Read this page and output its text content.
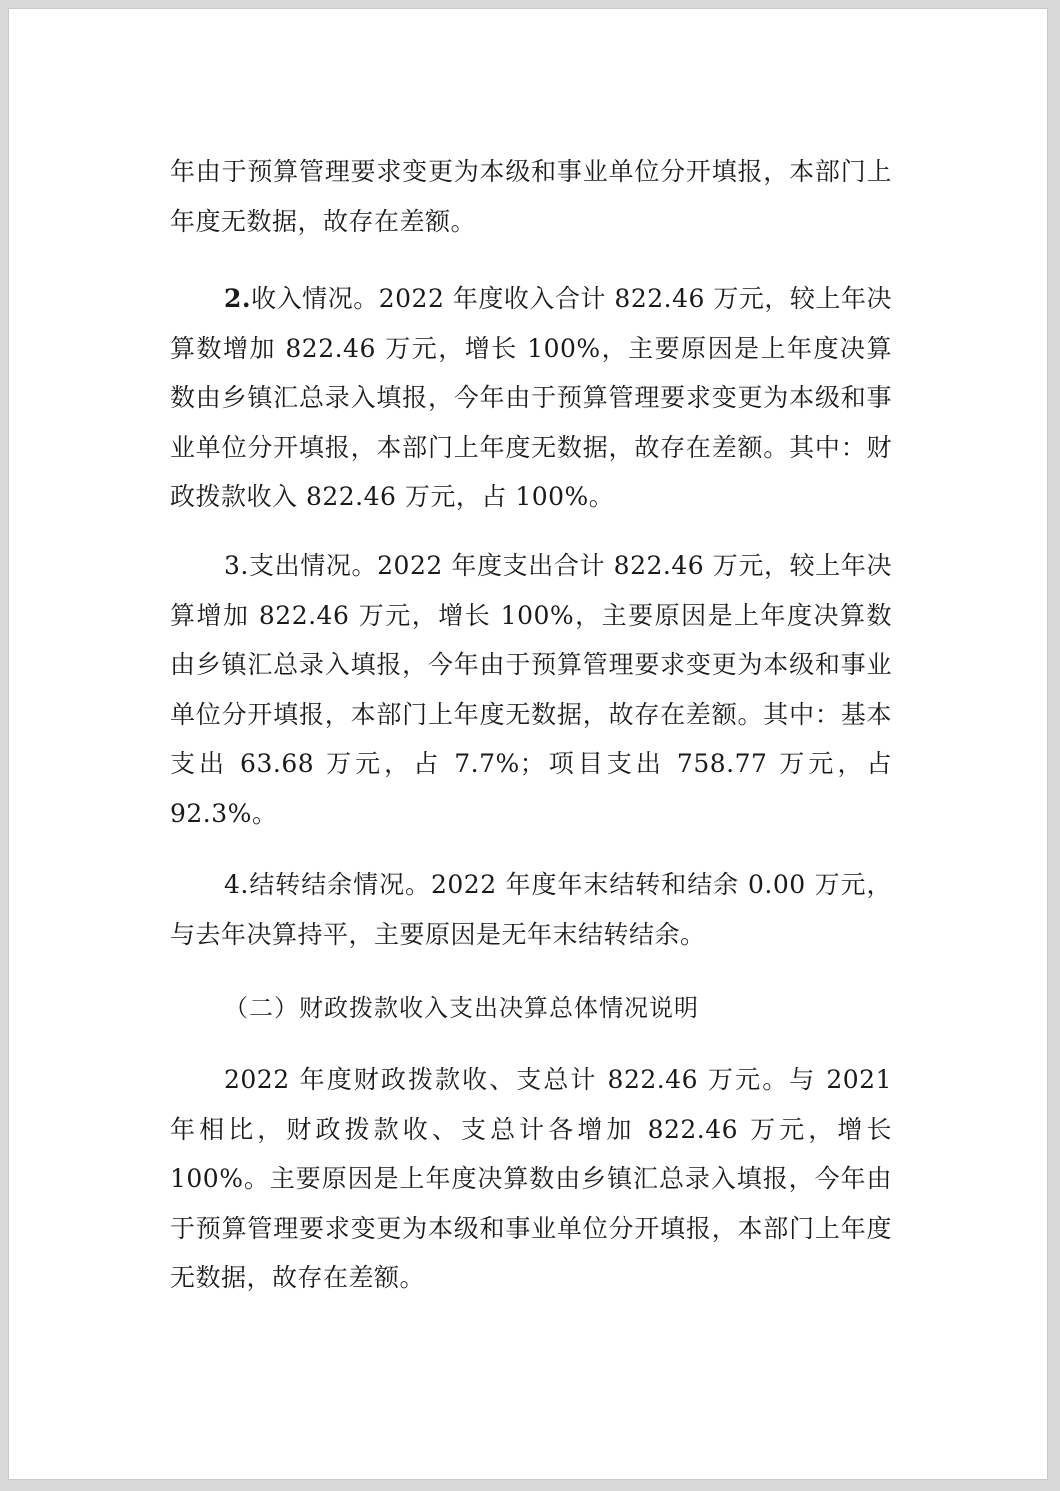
年由于预算管理要求变更为本级和事业单位分开填报，本部门上年度无数据，故存在差额。

2.收入情况。2022 年度收入合计 822.46 万元，较上年决算数增加 822.46 万元，增长 100%，主要原因是上年度决算数由乡镇汇总录入填报，今年由于预算管理要求变更为本级和事业单位分开填报，本部门上年度无数据，故存在差额。其中：财政拨款收入 822.46 万元，占 100%。

3.支出情况。2022 年度支出合计 822.46 万元，较上年决算增加 822.46 万元，增长 100%，主要原因是上年度决算数由乡镇汇总录入填报，今年由于预算管理要求变更为本级和事业单位分开填报，本部门上年度无数据，故存在差额。其中：基本支出 63.68 万元，占 7.7%；项目支出 758.77 万元，占 92.3%。

4.结转结余情况。2022 年度年末结转和结余 0.00 万元，与去年决算持平，主要原因是无年末结转结余。

（二）财政拨款收入支出决算总体情况说明

2022 年度财政拨款收、支总计 822.46 万元。与 2021 年相比，财政拨款收、支总计各增加 822.46 万元，增长 100%。主要原因是上年度决算数由乡镇汇总录入填报，今年由于预算管理要求变更为本级和事业单位分开填报，本部门上年度无数据，故存在差额。
